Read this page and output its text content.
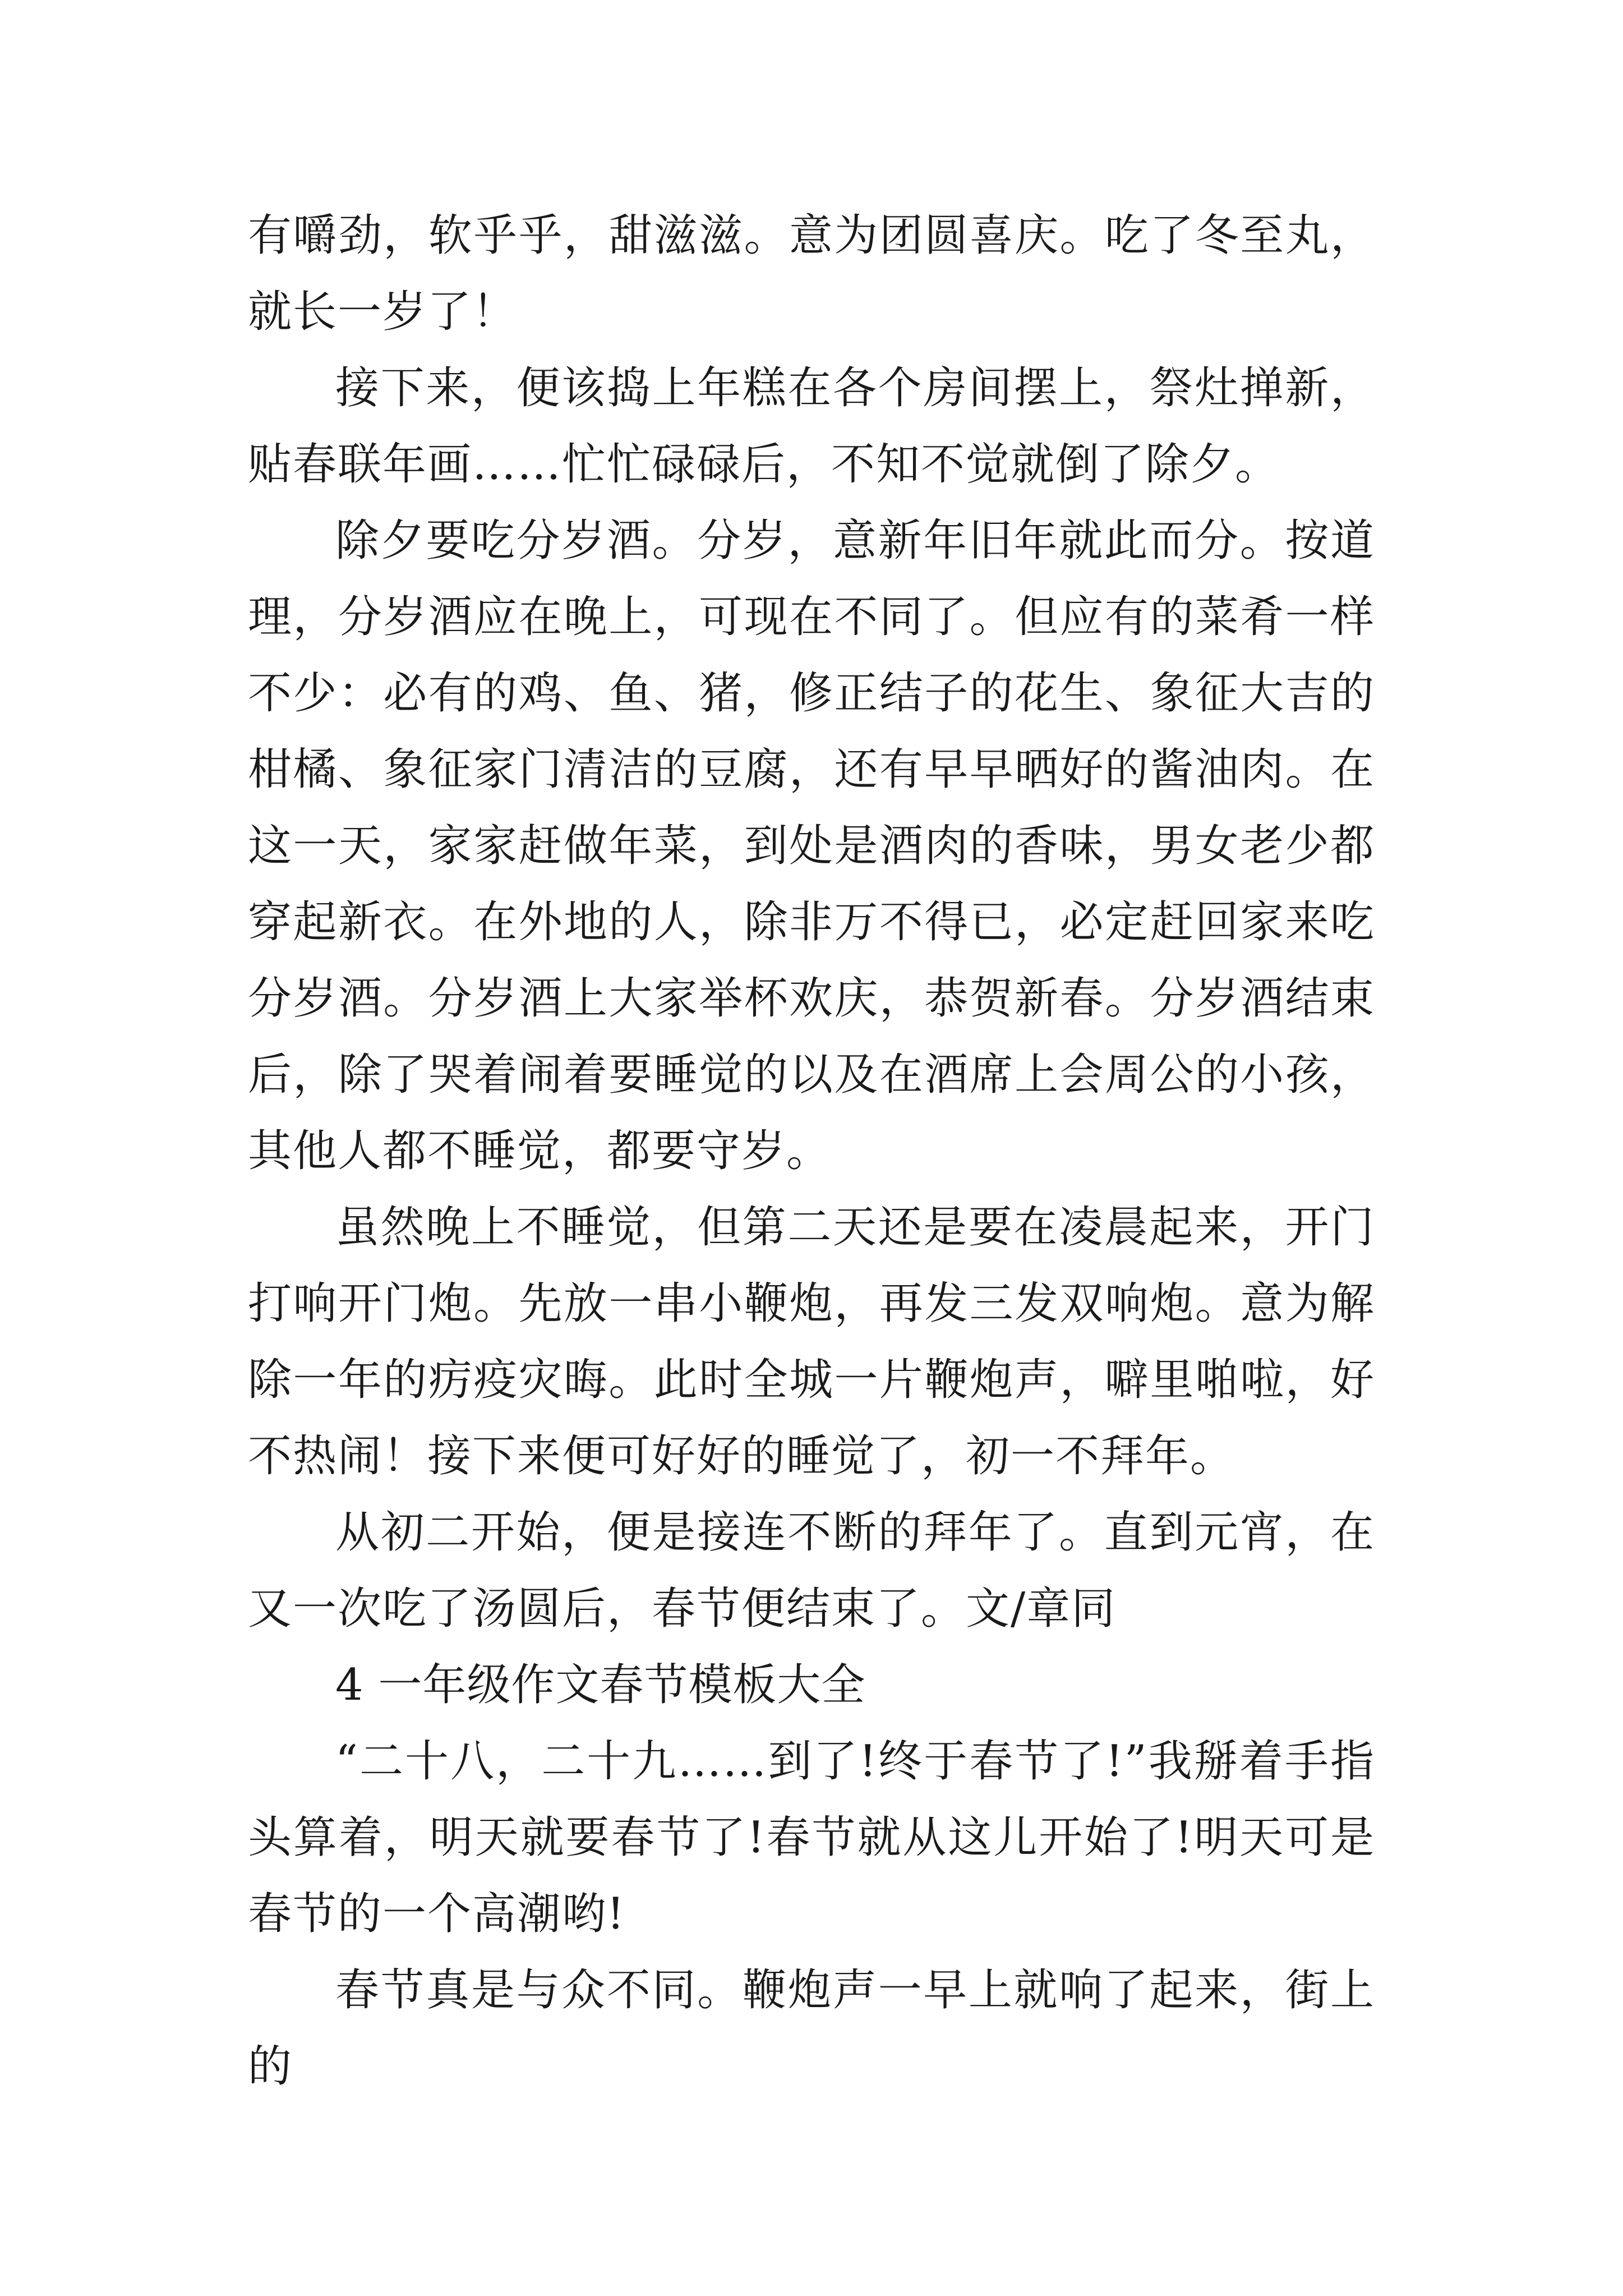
有嚼劲，软乎乎，甜滋滋。意为团圆喜庆。吃了冬至丸，就长一岁了！

接下来，便该捣上年糕在各个房间摆上，祭灶掸新，贴春联年画……忙忙碌碌后，不知不觉就倒了除夕。

除夕要吃分岁酒。分岁，意新年旧年就此而分。按道理，分岁酒应在晚上，可现在不同了。但应有的菜肴一样不少：必有的鸡、鱼、猪，修正结子的花生、象征大吉的柑橘、象征家门清洁的豆腐，还有早早晒好的酱油肉。在这一天，家家赶做年菜，到处是酒肉的香味，男女老少都穿起新衣。在外地的人，除非万不得已，必定赶回家来吃分岁酒。分岁酒上大家举杯欢庆，恭贺新春。分岁酒结束后，除了哭着闹着要睡觉的以及在酒席上会周公的小孩，其他人都不睡觉，都要守岁。

虽然晚上不睡觉，但第二天还是要在凌晨起来，开门打响开门炮。先放一串小鞭炮，再发三发双响炮。意为解除一年的疠疫灾晦。此时全城一片鞭炮声，噼里啪啦，好不热闹！接下来便可好好的睡觉了，初一不拜年。

从初二开始，便是接连不断的拜年了。直到元宵，在又一次吃了汤圆后，春节便结束了。文/章同

4 一年级作文春节模板大全

“二十八，二十九……到了!终于春节了!”我掰着手指头算着，明天就要春节了!春节就从这儿开始了!明天可是春节的一个高潮哟!

春节真是与众不同。鞭炮声一早上就响了起来，街上的
